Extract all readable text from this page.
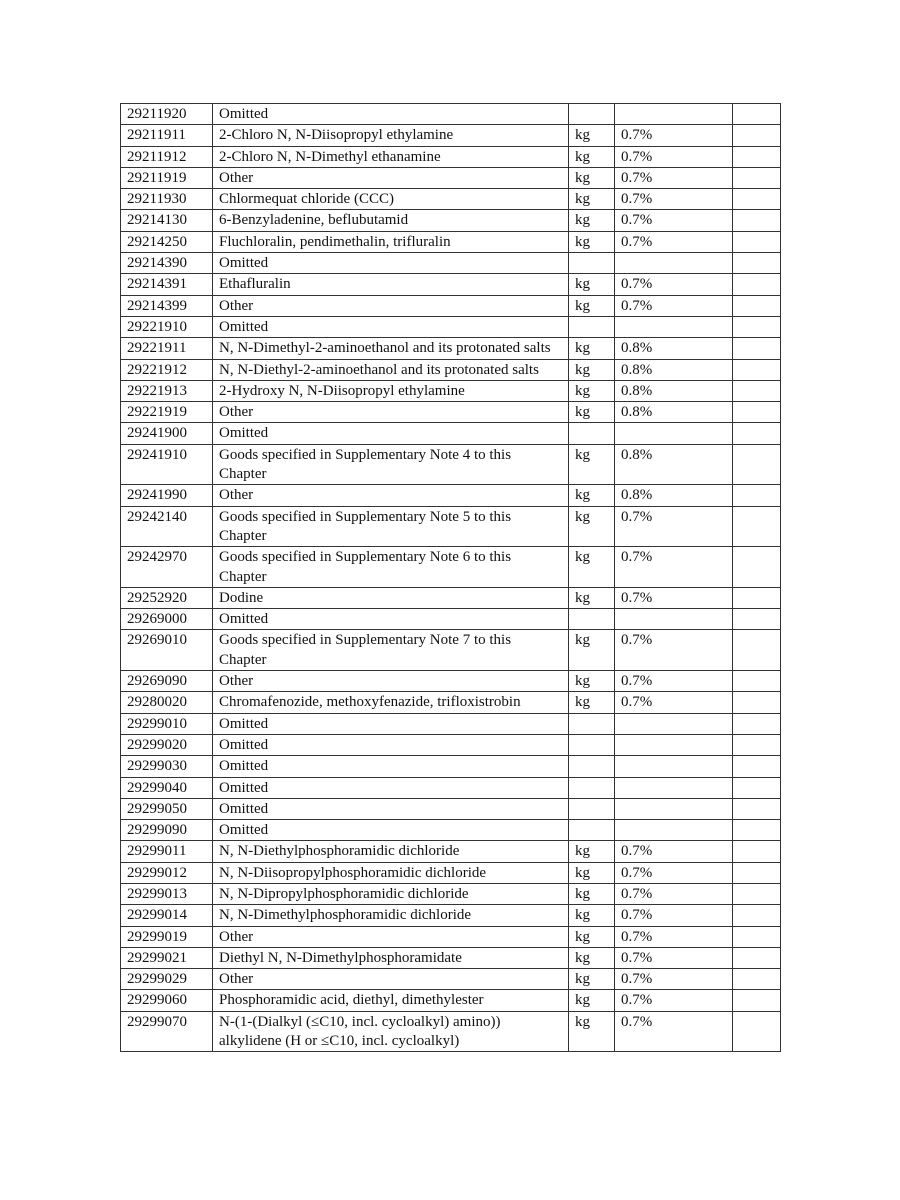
29211920	Omitted			
29211911	2-Chloro N, N-Diisopropyl ethylamine	kg	0.7%	
29211912	2-Chloro N, N-Dimethyl ethanamine	kg	0.7%	
29211919	Other	kg	0.7%	
29211930	Chlormequat chloride (CCC)	kg	0.7%	
29214130	6-Benzyladenine, beflubutamid	kg	0.7%	
29214250	Fluchloralin, pendimethalin, trifluralin	kg	0.7%	
29214390	Omitted			
29214391	Ethafluralin	kg	0.7%	
29214399	Other	kg	0.7%	
29221910	Omitted			
29221911	N, N-Dimethyl-2-aminoethanol and its protonated salts	kg	0.8%	
29221912	N, N-Diethyl-2-aminoethanol and its protonated salts	kg	0.8%	
29221913	2-Hydroxy N, N-Diisopropyl ethylamine	kg	0.8%	
29221919	Other	kg	0.8%	
29241900	Omitted			
29241910	Goods specified in Supplementary Note 4 to this Chapter	kg	0.8%	
29241990	Other	kg	0.8%	
29242140	Goods specified in Supplementary Note 5 to this Chapter	kg	0.7%	
29242970	Goods specified in Supplementary Note 6 to this Chapter	kg	0.7%	
29252920	Dodine	kg	0.7%	
29269000	Omitted			
29269010	Goods specified in Supplementary Note 7 to this Chapter	kg	0.7%	
29269090	Other	kg	0.7%	
29280020	Chromafenozide, methoxyfenazide, trifloxistrobin	kg	0.7%	
29299010	Omitted			
29299020	Omitted			
29299030	Omitted			
29299040	Omitted			
29299050	Omitted			
29299090	Omitted			
29299011	N, N-Diethylphosphoramidic dichloride	kg	0.7%	
29299012	N, N-Diisopropylphosphoramidic dichloride	kg	0.7%	
29299013	N, N-Dipropylphosphoramidic dichloride	kg	0.7%	
29299014	N, N-Dimethylphosphoramidic dichloride	kg	0.7%	
29299019	Other	kg	0.7%	
29299021	Diethyl N, N-Dimethylphosphoramidate	kg	0.7%	
29299029	Other	kg	0.7%	
29299060	Phosphoramidic acid, diethyl, dimethylester	kg	0.7%	
29299070	N-(1-(Dialkyl (≤C10, incl. cycloalkyl) amino)) alkylidene (H or ≤C10, incl. cycloalkyl)	kg	0.7%	
